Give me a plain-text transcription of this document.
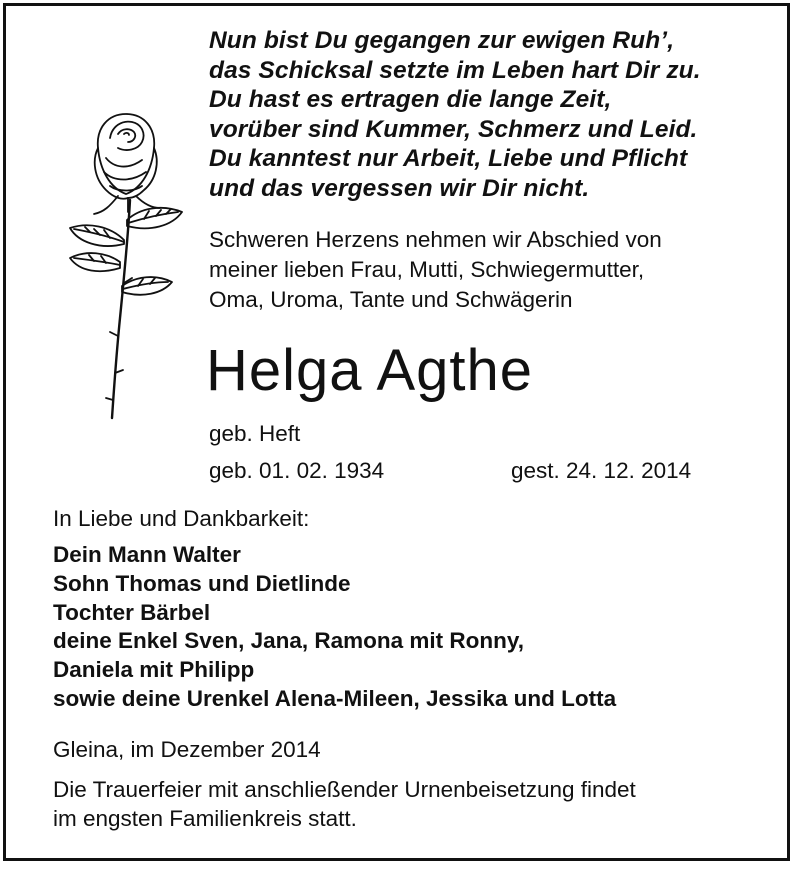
Nun bist Du gegangen zur ewigen Ruh’,
das Schicksal setzte im Leben hart Dir zu.
Du hast es ertragen die lange Zeit,
vorüber sind Kummer, Schmerz und Leid.
Du kanntest nur Arbeit, Liebe und Pflicht
und das vergessen wir Dir nicht.
Schweren Herzens nehmen wir Abschied von
meiner lieben Frau, Mutti, Schwiegermutter,
Oma, Uroma, Tante und Schwägerin
Helga Agthe
geb. Heft
geb. 01. 02. 1934	gest. 24. 12. 2014
In Liebe und Dankbarkeit:
Dein Mann Walter
Sohn Thomas und Dietlinde
Tochter Bärbel
deine Enkel Sven, Jana, Ramona mit Ronny,
Daniela mit Philipp
sowie deine Urenkel Alena-Mileen, Jessika und Lotta
Gleina, im Dezember 2014
Die Trauerfeier mit anschließender Urnenbeisetzung findet
im engsten Familienkreis statt.
